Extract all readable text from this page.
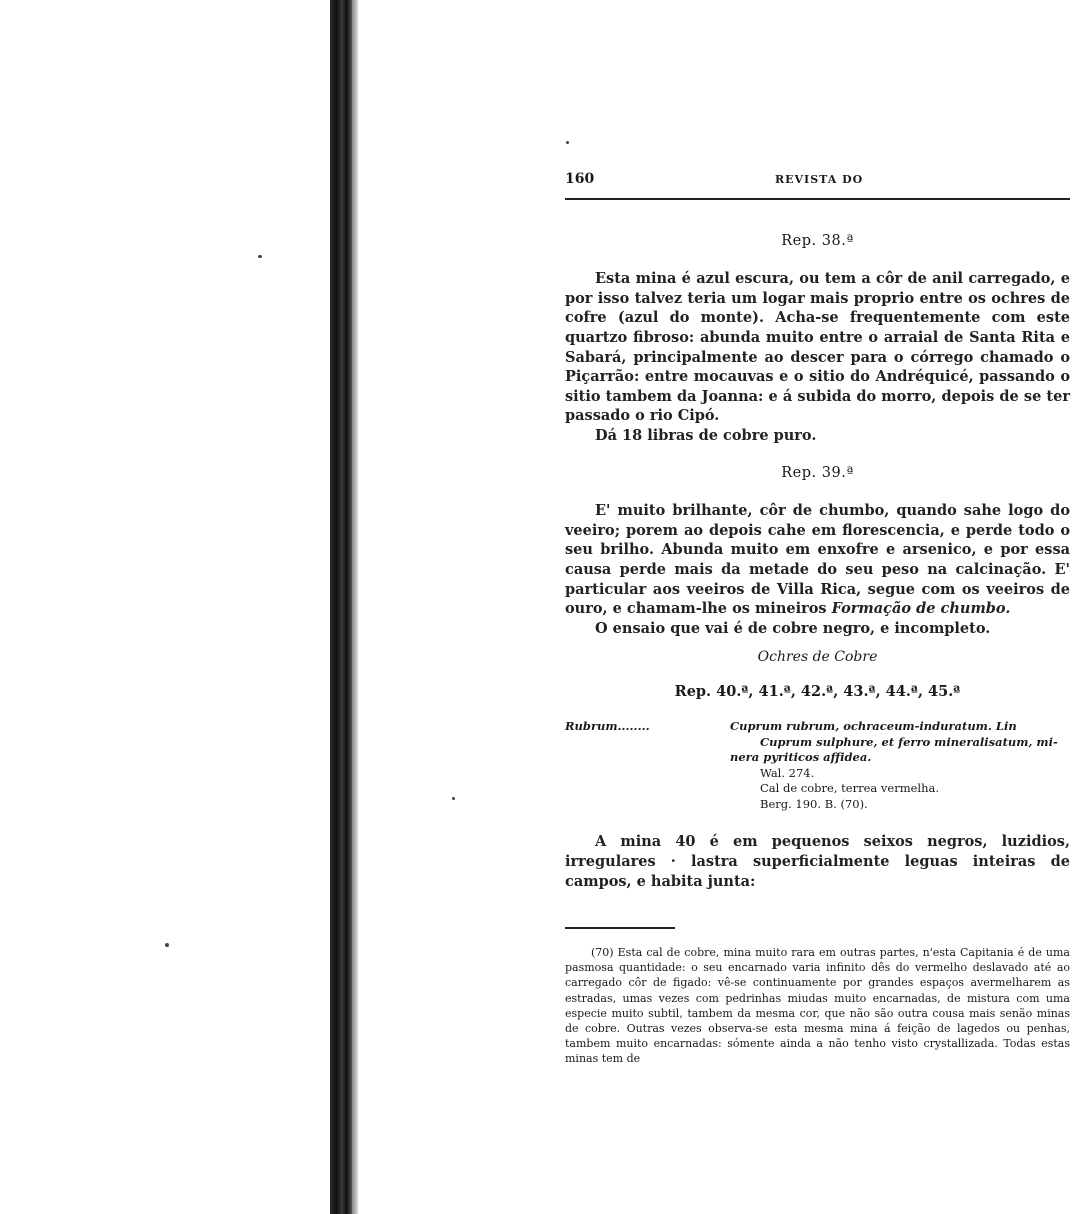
160	REVISTA DO

Rep. 38.ª

Esta mina é azul escura, ou tem a côr de anil carregado, e por isso talvez teria um logar mais proprio entre os ochres de cofre (azul do monte). Acha-se frequentemente com este quartzo fibroso: abunda muito entre o arraial de Santa Rita e Sabará, principalmente ao descer para o córrego chamado o Piçarrão: entre mocauvas e o sitio do Andréquicé, passando o sitio tambem da Joanna: e á subida do morro, depois de se ter passado o rio Cipó.

Dá 18 libras de cobre puro.

Rep. 39.ª

E' muito brilhante, côr de chumbo, quando sahe logo do veeiro; porem ao depois cahe em florescencia, e perde todo o seu brilho. Abunda muito em enxofre e arsenico, e por essa causa perde mais da metade do seu peso na calcinação. E' particular aos veeiros de Villa Rica, segue com os veeiros de ouro, e chamam-lhe os mineiros Formação de chumbo.

O ensaio que vai é de cobre negro, e incompleto.

Ochres de Cobre

Rep. 40.ª, 41.ª, 42.ª, 43.ª, 44.ª, 45.ª

Rubrum........	Cuprum rubrum, ochraceum-induratum. Lin
Cuprum sulphure, et ferro mineralisatum, mi-
nera pyriticos affidea.
Wal. 274.
Cal de cobre, terrea vermelha.
Berg. 190. B. (70).

A mina 40 é em pequenos seixos negros, luzidios, irregulares · lastra superficialmente leguas inteiras de campos, e habita junta:

(70) Esta cal de cobre, mina muito rara em outras partes, n'esta Capitania é de uma pasmosa quantidade: o seu encarnado varia infinito dês do vermelho deslavado até ao carregado côr de figado: vê-se continuamente por grandes espaços avermelharem as estradas, umas vezes com pedrinhas miudas muito encarnadas, de mistura com uma especie muito subtil, tambem da mesma cor, que não são outra cousa mais senão minas de cobre. Outras vezes observa-se esta mesma mina á feição de lagedos ou penhas, tambem muito encarnadas: sómente ainda a não tenho visto crystallizada. Todas estas minas tem de
